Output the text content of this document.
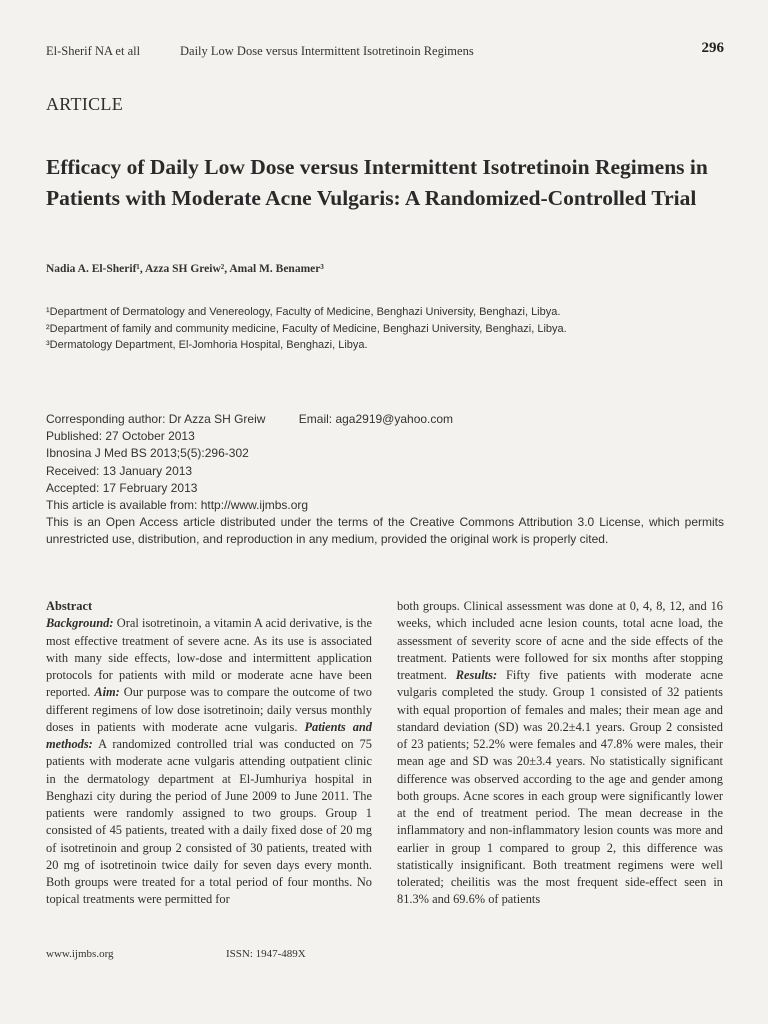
El-Sherif NA et all	Daily Low Dose versus Intermittent Isotretinoin Regimens	296
ARTICLE
Efficacy of Daily Low Dose versus Intermittent Isotretinoin Regimens in Patients with Moderate Acne Vulgaris: A Randomized-Controlled Trial
Nadia A. El-Sherif¹, Azza SH Greiw², Amal M. Benamer³
¹Department of Dermatology and Venereology, Faculty of Medicine, Benghazi University, Benghazi, Libya.
²Department of family and community medicine, Faculty of Medicine, Benghazi University, Benghazi, Libya.
³Dermatology Department, El-Jomhoria Hospital, Benghazi, Libya.
Corresponding author: Dr Azza SH Greiw	Email: aga2919@yahoo.com
Published: 27 October 2013
Ibnosina J Med BS 2013;5(5):296-302
Received: 13 January 2013
Accepted: 17 February 2013
This article is available from: http://www.ijmbs.org
This is an Open Access article distributed under the terms of the Creative Commons Attribution 3.0 License, which permits unrestricted use, distribution, and reproduction in any medium, provided the original work is properly cited.
Abstract

Background: Oral isotretinoin, a vitamin A acid derivative, is the most effective treatment of severe acne. As its use is associated with many side effects, low-dose and intermittent application protocols for patients with mild or moderate acne have been reported. Aim: Our purpose was to compare the outcome of two different regimens of low dose isotretinoin; daily versus monthly doses in patients with moderate acne vulgaris. Patients and methods: A randomized controlled trial was conducted on 75 patients with moderate acne vulgaris attending outpatient clinic in the dermatology department at El-Jumhuriya hospital in Benghazi city during the period of June 2009 to June 2011. The patients were randomly assigned to two groups. Group 1 consisted of 45 patients, treated with a daily fixed dose of 20 mg of isotretinoin and group 2 consisted of 30 patients, treated with 20 mg of isotretinoin twice daily for seven days every month. Both groups were treated for a total period of four months. No topical treatments were permitted for

both groups. Clinical assessment was done at 0, 4, 8, 12, and 16 weeks, which included acne lesion counts, total acne load, the assessment of severity score of acne and the side effects of the treatment. Patients were followed for six months after stopping treatment. Results: Fifty five patients with moderate acne vulgaris completed the study. Group 1 consisted of 32 patients with equal proportion of females and males; their mean age and standard deviation (SD) was 20.2±4.1 years. Group 2 consisted of 23 patients; 52.2% were females and 47.8% were males, their mean age and SD was 20±3.4 years. No statistically significant difference was observed according to the age and gender among both groups. Acne scores in each group were significantly lower at the end of treatment period. The mean decrease in the inflammatory and non-inflammatory lesion counts was more and earlier in group 1 compared to group 2, this difference was statistically insignificant. Both treatment regimens were well tolerated; cheilitis was the most frequent side-effect seen in 81.3% and 69.6% of patients

www.ijmbs.org	ISSN: 1947-489X
